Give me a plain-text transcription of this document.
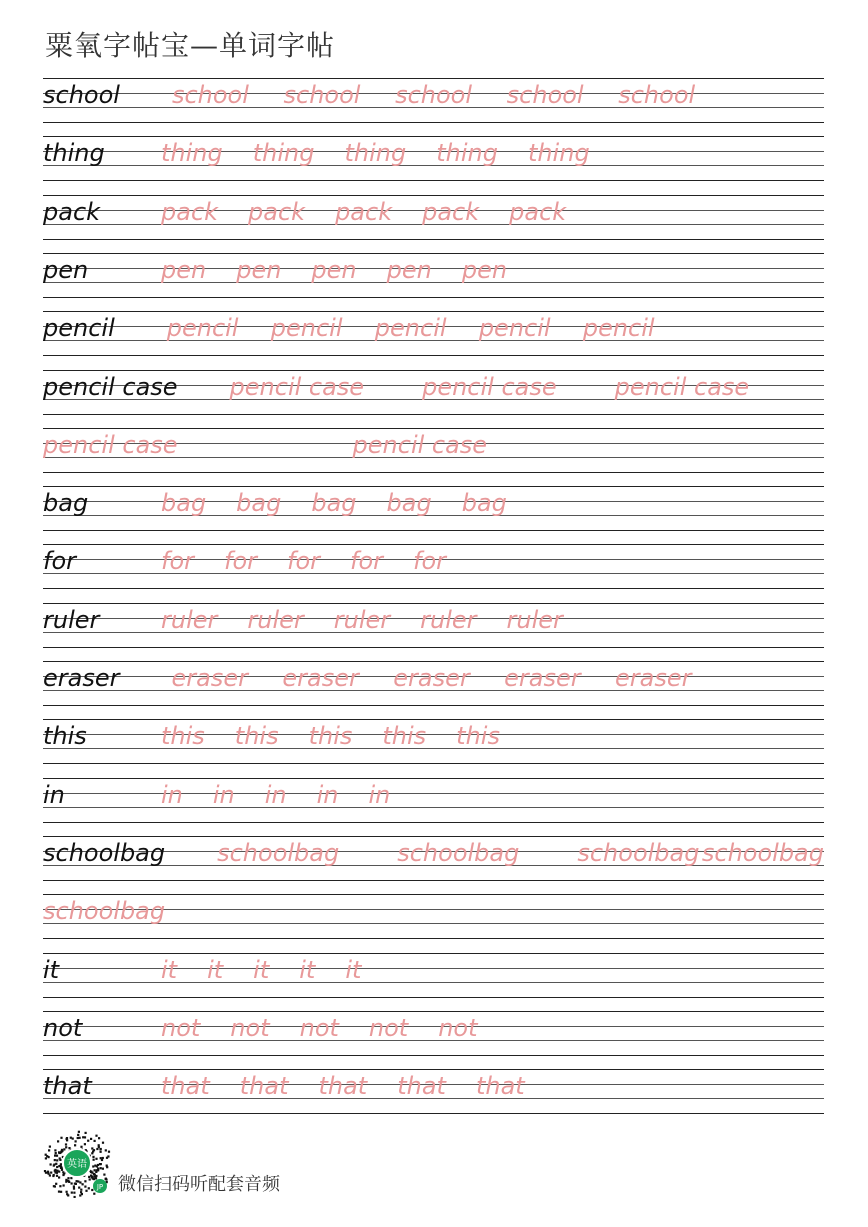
粟氧字帖宝—单词字帖
school school school school school school
thing thing thing thing thing thing
pack	pack pack pack pack pack
pen	pen pen pen pen pen
pencil pencil pencil pencil pencil pencil
pencil case pencil case pencil case pencil case
pencil case	pencil case
bag	bag bag bag bag bag
for	for for for for for
ruler	ruler ruler ruler ruler ruler
eraser eraser eraser eraser eraser eraser
this	this this this this this
in	in in in in in
schoolbag schoolbag schoolbag schoolbag schoolbag
schoolbag
it	it it it it it
not	not not not not not
that	that that that that that
英语
JP 微信扫码听配套音频
